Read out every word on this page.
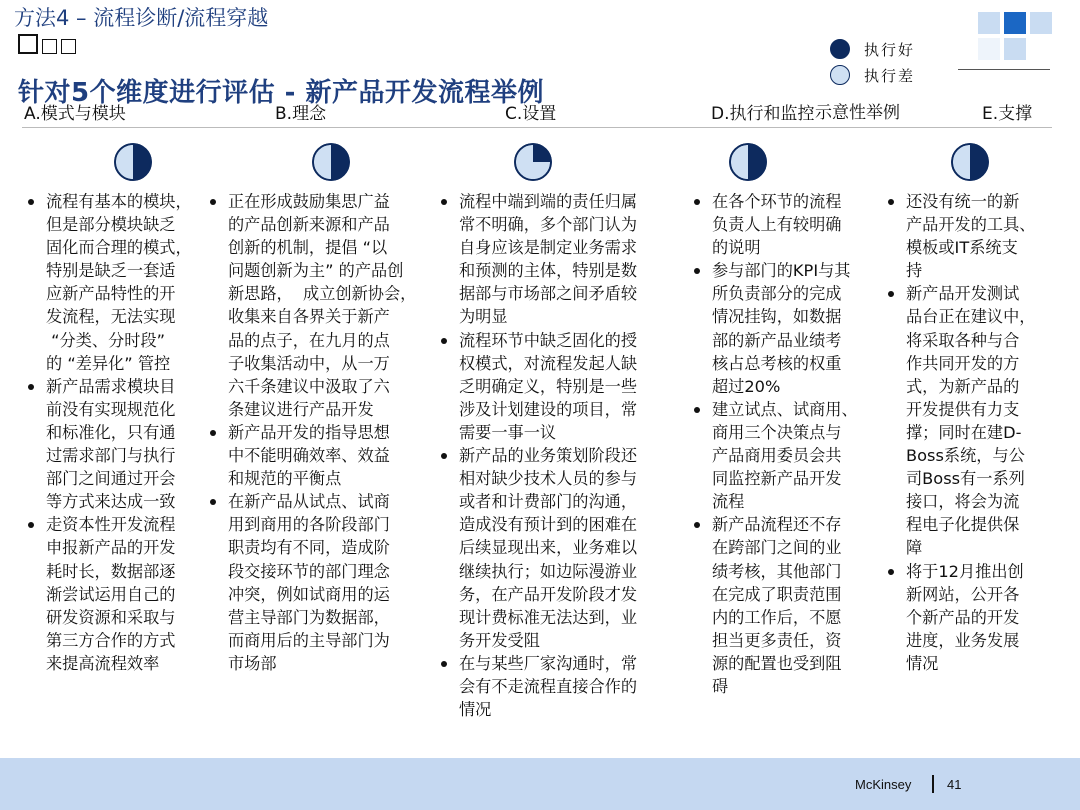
方法4 – 流程诊断/流程穿越
针对5个维度进行评估 - 新产品开发流程举例
执行好
执行差
A.模式与模块	B.理念	C.设置	D.执行和监控 示意性举例	E.支撑
流程有基本的模块，
但是部分模块缺乏
固化而合理的模式，
特别是缺乏一套适
应新产品特性的开
发流程，无法实现
“分类、分时段”
的 “差异化” 管控
新产品需求模块目
前没有实现规范化
和标准化，只有通
过需求部门与执行
部门之间通过开会
等方式来达成一致
走资本性开发流程
申报新产品的开发
耗时长，数据部逐
渐尝试运用自己的
研发资源和采取与
第三方合作的方式
来提高流程效率
正在形成鼓励集思广益
的产品创新来源和产品
创新的机制，提倡 “以
问题创新为主” 的产品创
新思路，  成立创新协会，
收集来自各界关于新产
品的点子，在九月的点
子收集活动中，从一万
六千条建议中汲取了六
条建议进行产品开发
新产品开发的指导思想
中不能明确效率、效益
和规范的平衡点
在新产品从试点、试商
用到商用的各阶段部门
职责均有不同，造成阶
段交接环节的部门理念
冲突，例如试商用的运
营主导部门为数据部，
而商用后的主导部门为
市场部
流程中端到端的责任归属
常不明确，多个部门认为
自身应该是制定业务需求
和预测的主体，特别是数
据部与市场部之间矛盾较
为明显
流程环节中缺乏固化的授
权模式，对流程发起人缺
乏明确定义，特别是一些
涉及计划建设的项目，常
需要一事一议
新产品的业务策划阶段还
相对缺少技术人员的参与
或者和计费部门的沟通，
造成没有预计到的困难在
后续显现出来，业务难以
继续执行；如边际漫游业
务，在产品开发阶段才发
现计费标准无法达到，业
务开发受阻
在与某些厂家沟通时，常
会有不走流程直接合作的
情况
在各个环节的流程
负责人上有较明确
的说明
参与部门的KPI与其
所负责部分的完成
情况挂钩，如数据
部的新产品业绩考
核占总考核的权重
超过20%
建立试点、试商用、
商用三个决策点与
产品商用委员会共
同监控新产品开发
流程
新产品流程还不存
在跨部门之间的业
绩考核，其他部门
在完成了职责范围
内的工作后，不愿
担当更多责任，资
源的配置也受到阻
碍
还没有统一的新
产品开发的工具、
模板或IT系统支
持
新产品开发测试
品台正在建议中，
将采取各种与合
作共同开发的方
式，为新产品的
开发提供有力支
撑；同时在建D-
Boss系统，与公
司Boss有一系列
接口，将会为流
程电子化提供保
障
将于12月推出创
新网站，公开各
个新产品的开发
进度，业务发展
情况
McKinsey	41
